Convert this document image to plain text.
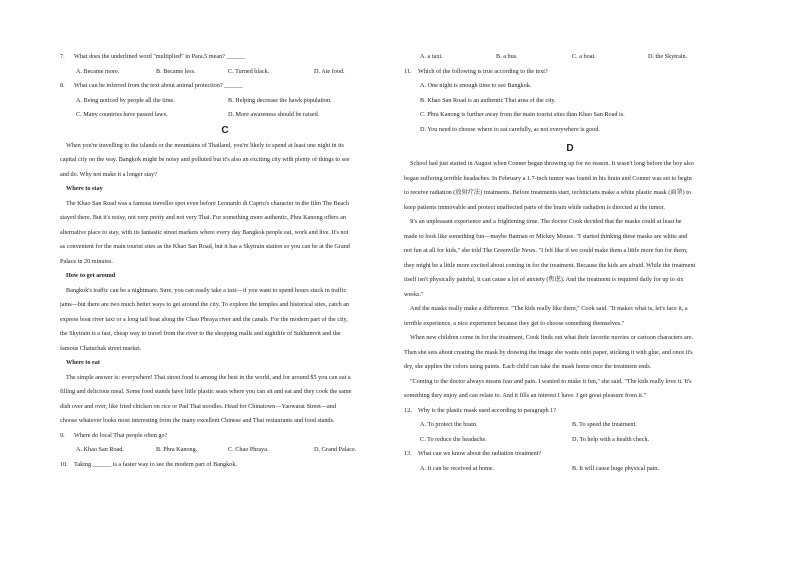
7. What does the underlined word "multiplied" in Para.5 mean? ______
A. Became more.	B. Became less.	C. Turned black.	D. Ate food.
8. What can be inferred from the text about animal protection? ______
A. Being noticed by people all the time.	B. Helping decrease the hawk population.
C. Many countries have passed laws.	D. More awareness should be raised.
C
When you're travelling to the islands or the mountains of Thailand, you're likely to spend at least one night in its
capital city on the way. Bangkok might be noisy and polluted but it's also an exciting city with plenty of things to see
and do. Why not make it a longer stay?
Where to stay
The Khao San Road was a famous traveller spot even before Leonardo di Caprio's character in the film The Beach
stayed there. But it's noisy, not very pretty and not very Thai. For something more authentic, Phra Kanong offers an
alternative place to stay, with its fantastic street markets where every day Bangkok people eat, work and live. It's not
as convenient for the main tourist sites as the Khao San Road, but it has a Skytrain station so you can be at the Grand
Palace in 20 minutes.
How to get around
Bangkok's traffic can be a nightmare. Sure, you can easily take a taxi—if you want to spend hours stuck in traffic
jams—but there are two much better ways to get around the city. To explore the temples and historical sites, catch an
express boat river taxi or a long tail boat along the Chao Phraya river and the canals. For the modern part of the city,
the Skytrain is a fast, cheap way to travel from the river to the shopping malls and nightlife of Sukhumvit and the
famous Chatuchak street market.
Where to eat
The simple answer is: everywhere! Thai street food is among the best in the world, and for around $5 you can eat a
filling and delicious meal. Some food stands have little plastic seats where you can sit and eat and they cook the same
dish over and over, like fried chicken on rice or Pad Thai noodles. Head for Chinatown—Yaowarat Street—and
choose whatever looks most interesting from the many excellent Chinese and Thai restaurants and food stands.
9. Where do local Thai people often go?
A. Khao San Road.	B. Phra Kanong.	C. Chao Phraya.	D. Grand Palace.
10. Taking ______ is a faster way to see the modern part of Bangkok.
A. a taxi.	B. a bus.	C. a boat.	D. the Skytrain.
11. Which of the following is true according to the text?
A. One night is enough time to see Bangkok.
B. Khao San Road is an authentic Thai area of the city.
C. Phra Kanong is further away from the main tourist sites than Khao San Road is.
D. You need to choose where to eat carefully, as not everywhere is good.
D
School had just started in August when Conner began throwing up for no reason. It wasn't long before the boy also
began suffering terrible headaches. In February a 1.7-inch tumor was found in his brain and Conner was set to begin
to receive radiation (放射疗法) treatments. Before treatments start, technicians make a white plastic mask (面罩) to
keep patients immovable and protect unaffected parts of the brain while radiation is directed at the tumor.
It's an unpleasant experience and a frightening time. The doctor Cook decided that the masks could at least be
made to look like something fun—maybe Batman or Mickey Mouse. "I started thinking these masks are white and
not fun at all for kids," she told The Greenville News. "I felt like if we could make them a little more fun for them,
they might be a little more excited about coming in for the treatment. Because the kids are afraid. While the treatment
itself isn't physically painful, it can cause a lot of anxiety (焦虑). And the treatment is required daily for up to six
weeks."
And the masks really make a difference. "The kids really like them," Cook said. "It makes what is, let's face it, a
terrible experience, a nice experience because they get to choose something themselves."
When new children come in for the treatment, Cook finds out what their favorite movies or cartoon characters are.
Then she sets about creating the mask by drawing the image she wants onto paper, sticking it with glue, and once it's
dry, she applies the colors using paints. Each child can take the mask home once the treatment ends.
"Coming to the doctor always means fear and pain. I wanted to make it fun," she said. "The kids really love it. It's
something they enjoy and can relate to. And it fills an interest I have. I get great pleasure from it."
12. Why is the plastic mask used according to paragraph 1?
A. To protect the brain.	B. To speed the treatment.
C. To reduce the headache.	D. To help with a health check.
13. What can we know about the radiation treatment?
A. It can be received at home.	B. It will cause huge physical pain.
